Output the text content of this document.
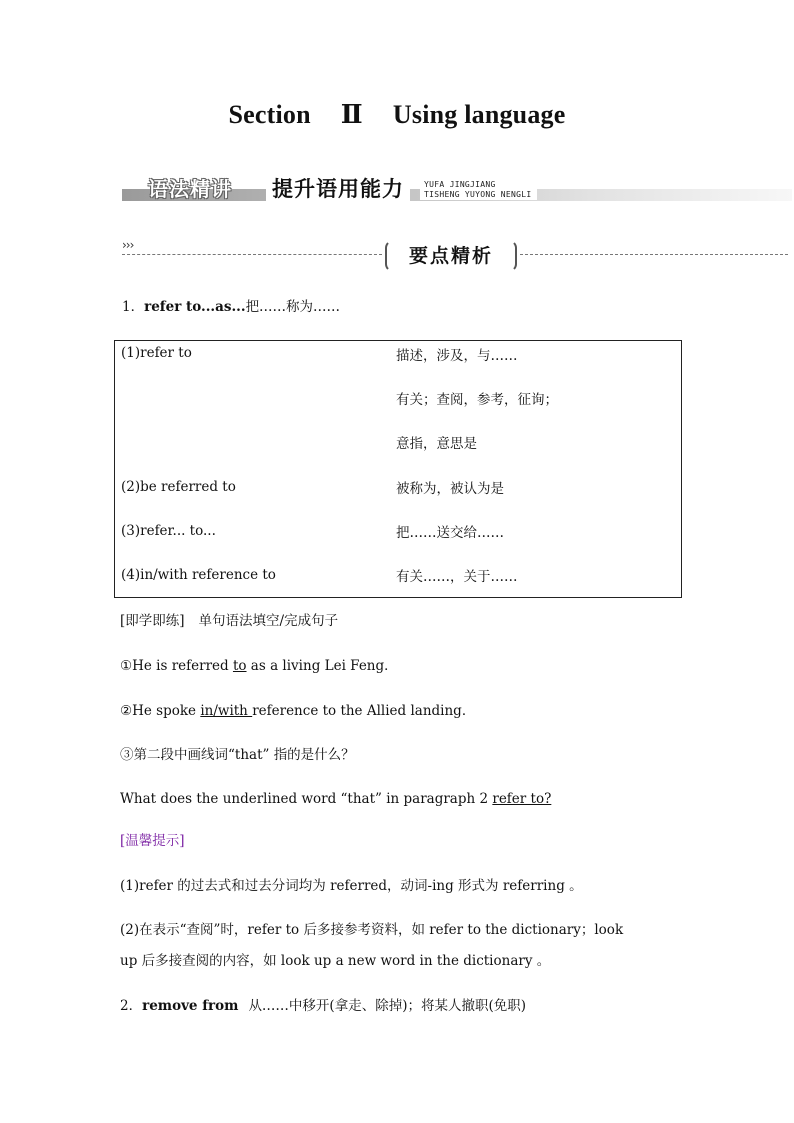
Section Ⅱ Using language
语法精讲	提升语用能力	YUFA JINGJIANG
TISHENG YUYONG NENGLI
›››	要点精析
1．refer to...as...把……称为……
(1)refer to	描述，涉及，与……
有关；查阅，参考，征询；
意指，意思是
(2)be referred to	被称为，被认为是
(3)refer... to...	把……送交给……
(4)in/with reference to	有关……，关于……
[即学即练] 单句语法填空/完成句子
①He is referred to as a living Lei Feng．
②He spoke in/with reference to the Allied landing．
③第二段中画线词“that” 指的是什么？
What does the underlined word “that” in paragraph 2 refer to?
[温馨提示]
(1)refer 的过去式和过去分词均为 referred，动词-ing 形式为 referring 。
(2)在表示“查阅”时，refer to 后多接参考资料，如 refer to the dictionary；look
up 后多接查阅的内容，如 look up a new word in the dictionary 。
2．remove from 从……中移开(拿走、除掉)；将某人撤职(免职)
